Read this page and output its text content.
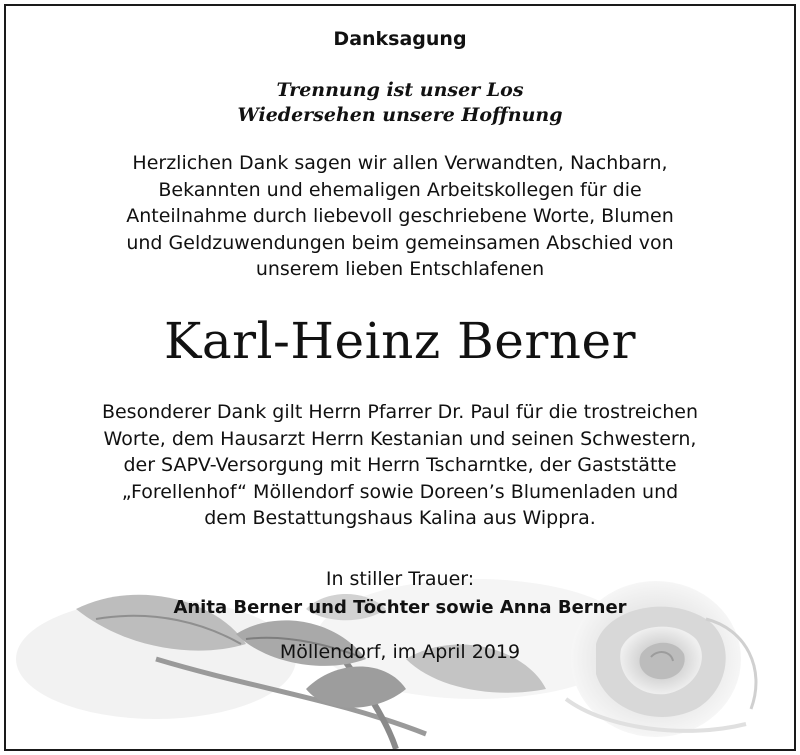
Danksagung
Trennung ist unser Los
Wiedersehen unsere Hoffnung
Herzlichen Dank sagen wir allen Verwandten, Nachbarn,
Bekannten und ehemaligen Arbeitskollegen für die
Anteilnahme durch liebevoll geschriebene Worte, Blumen
und Geldzuwendungen beim gemeinsamen Abschied von
unserem lieben Entschlafenen
Karl-Heinz Berner
Besonderer Dank gilt Herrn Pfarrer Dr. Paul für die trostreichen
Worte, dem Hausarzt Herrn Kestanian und seinen Schwestern,
der SAPV-Versorgung mit Herrn Tscharntke, der Gaststätte
„Forellenhof“ Möllendorf sowie Doreen’s Blumenladen und
dem Bestattungshaus Kalina aus Wippra.
In stiller Trauer:
Anita Berner und Töchter sowie Anna Berner
Möllendorf, im April 2019
